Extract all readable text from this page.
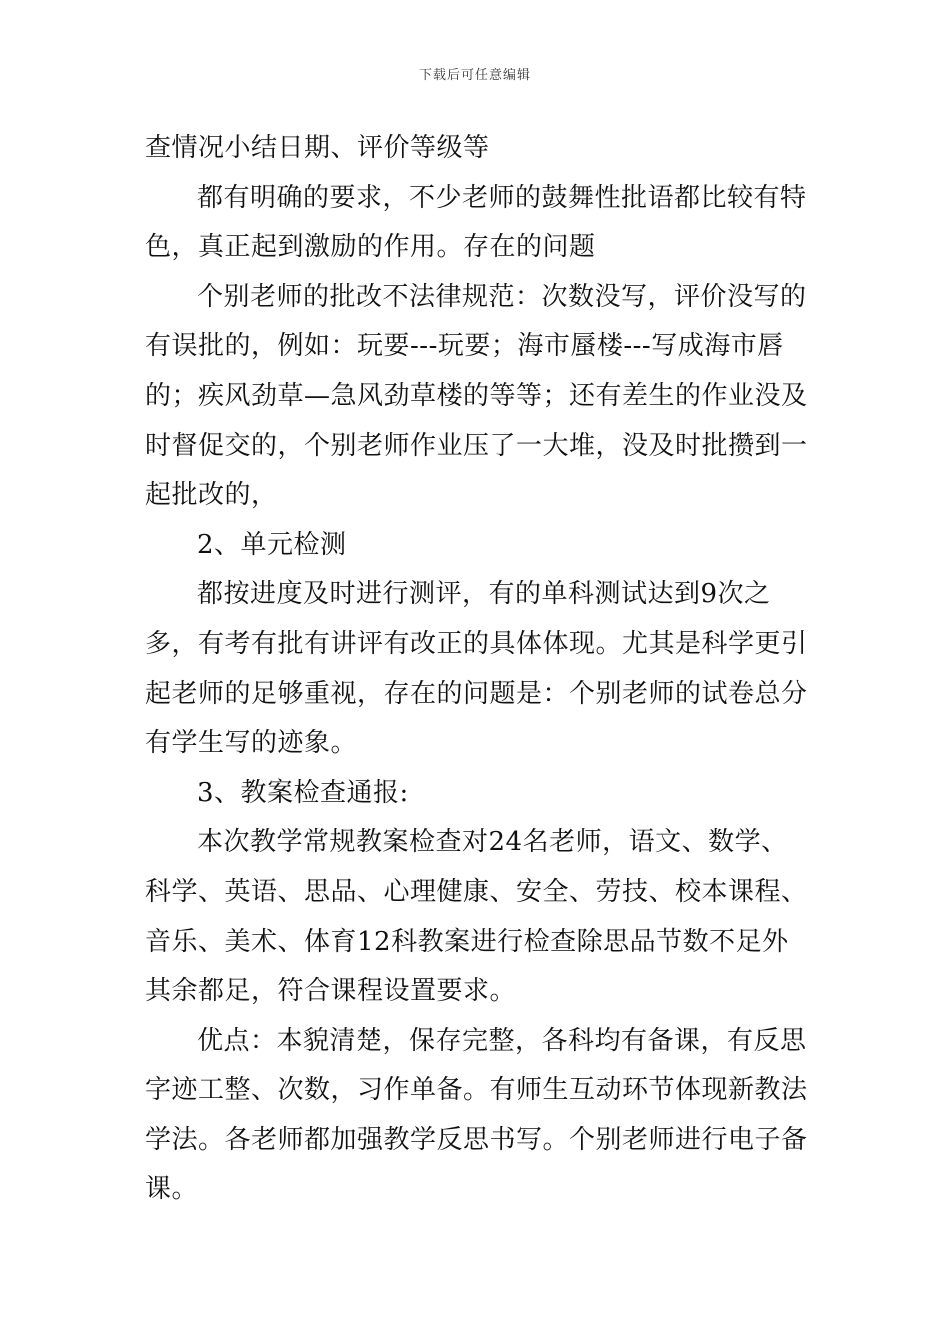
下载后可任意编辑

查情况小结日期、评价等级等

都有明确的要求，不少老师的鼓舞性批语都比较有特色，真正起到激励的作用。存在的问题

个别老师的批改不法律规范：次数没写，评价没写的有误批的，例如：玩要---玩要；海市蜃楼---写成海市唇的；疾风劲草—急风劲草楼的等等；还有差生的作业没及时督促交的，个别老师作业压了一大堆，没及时批攒到一起批改的，

2、单元检测

都按进度及时进行测评，有的单科测试达到9次之多，有考有批有讲评有改正的具体体现。尤其是科学更引起老师的足够重视，存在的问题是：个别老师的试卷总分有学生写的迹象。

3、教案检查通报:

本次教学常规教案检查对24名老师，语文、数学、科学、英语、思品、心理健康、安全、劳技、校本课程、音乐、美术、体育12科教案进行检查除思品节数不足外其余都足，符合课程设置要求。

优点：本貌清楚，保存完整，各科均有备课，有反思字迹工整、次数，习作单备。有师生互动环节体现新教法学法。各老师都加强教学反思书写。个别老师进行电子备课。
